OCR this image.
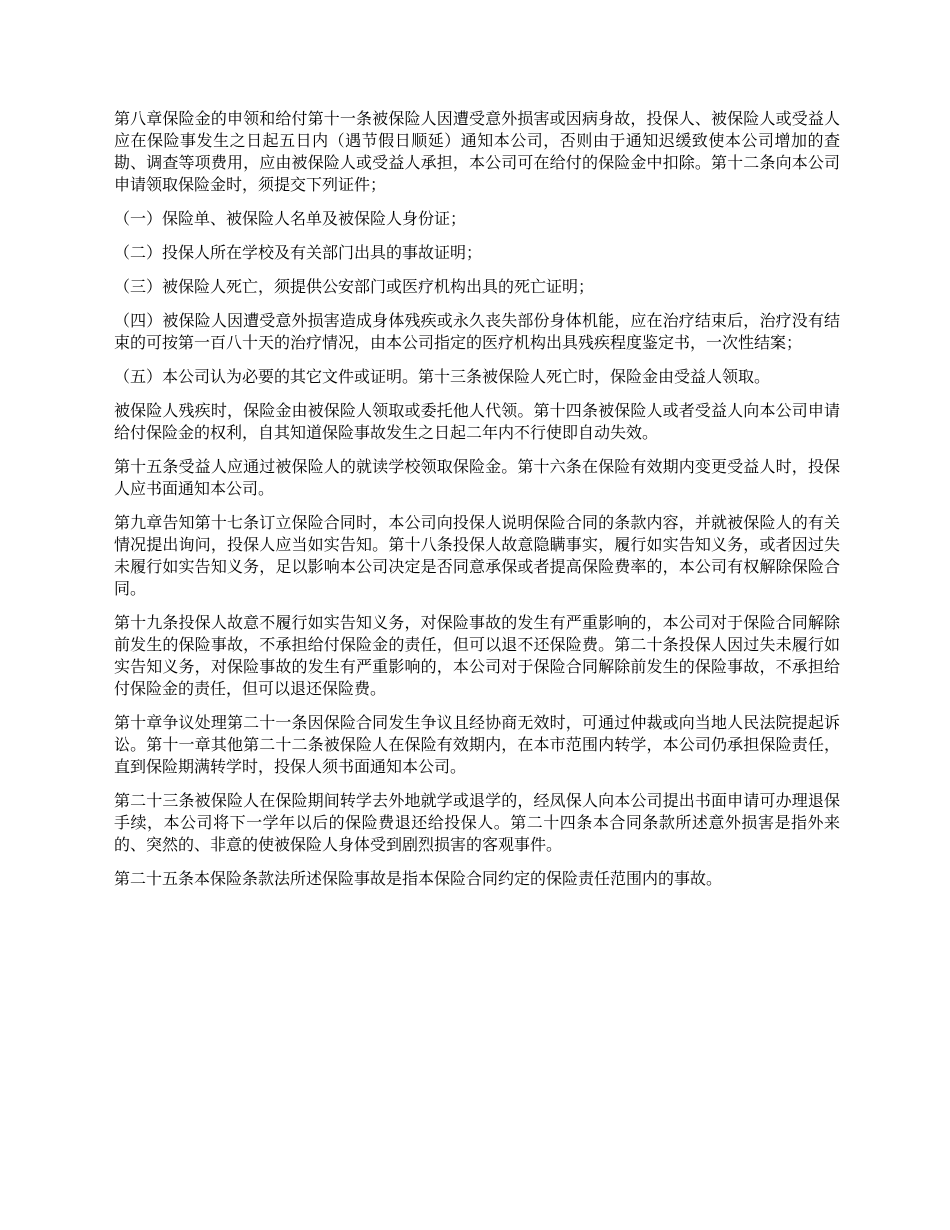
第八章保险金的申领和给付第十一条被保险人因遭受意外损害或因病身故，投保人、被保险人或受益人应在保险事发生之日起五日内（遇节假日顺延）通知本公司，否则由于通知迟缓致使本公司增加的查勘、调查等项费用，应由被保险人或受益人承担，本公司可在给付的保险金中扣除。第十二条向本公司申请领取保险金时，须提交下列证件；

（一）保险单、被保险人名单及被保险人身份证；

（二）投保人所在学校及有关部门出具的事故证明；

（三）被保险人死亡，须提供公安部门或医疗机构出具的死亡证明；

（四）被保险人因遭受意外损害造成身体残疾或永久丧失部份身体机能，应在治疗结束后，治疗没有结束的可按第一百八十天的治疗情况，由本公司指定的医疗机构出具残疾程度鉴定书，一次性结案；

（五）本公司认为必要的其它文件或证明。第十三条被保险人死亡时，保险金由受益人领取。

被保险人残疾时，保险金由被保险人领取或委托他人代领。第十四条被保险人或者受益人向本公司申请给付保险金的权利，自其知道保险事故发生之日起二年内不行使即自动失效。

第十五条受益人应通过被保险人的就读学校领取保险金。第十六条在保险有效期内变更受益人时，投保人应书面通知本公司。

第九章告知第十七条订立保险合同时，本公司向投保人说明保险合同的条款内容，并就被保险人的有关情况提出询问，投保人应当如实告知。第十八条投保人故意隐瞒事实，履行如实告知义务，或者因过失未履行如实告知义务，足以影响本公司决定是否同意承保或者提高保险费率的，本公司有权解除保险合同。

第十九条投保人故意不履行如实告知义务，对保险事故的发生有严重影响的，本公司对于保险合同解除前发生的保险事故，不承担给付保险金的责任，但可以退不还保险费。第二十条投保人因过失未履行如实告知义务，对保险事故的发生有严重影响的，本公司对于保险合同解除前发生的保险事故，不承担给付保险金的责任，但可以退还保险费。

第十章争议处理第二十一条因保险合同发生争议且经协商无效时，可通过仲裁或向当地人民法院提起诉讼。第十一章其他第二十二条被保险人在保险有效期内，在本市范围内转学，本公司仍承担保险责任，直到保险期满转学时，投保人须书面通知本公司。

第二十三条被保险人在保险期间转学去外地就学或退学的，经凤保人向本公司提出书面申请可办理退保手续，本公司将下一学年以后的保险费退还给投保人。第二十四条本合同条款所述意外损害是指外来的、突然的、非意的使被保险人身体受到剧烈损害的客观事件。

第二十五条本保险条款法所述保险事故是指本保险合同约定的保险责任范围内的事故。
